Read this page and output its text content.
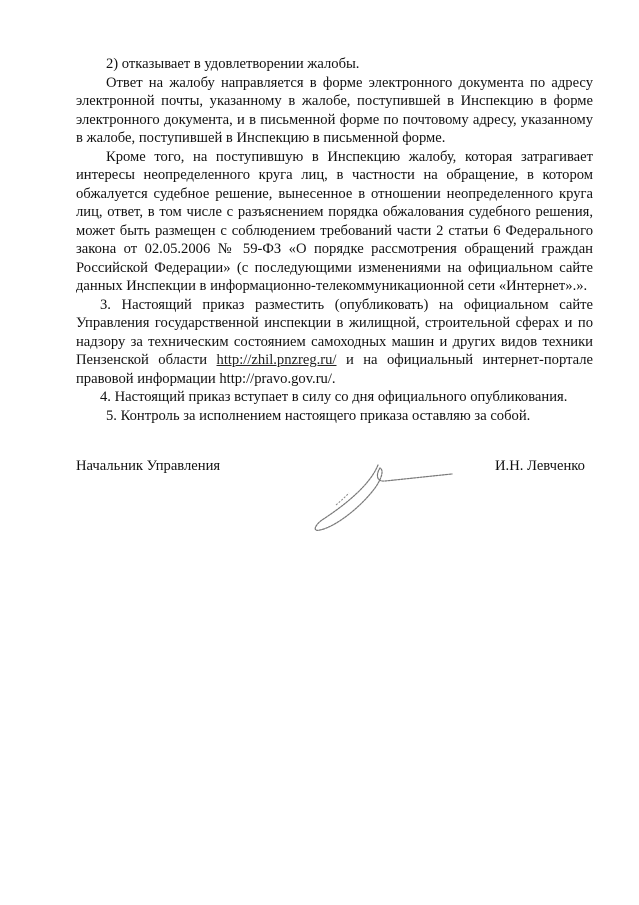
2) отказывает в удовлетворении жалобы.

Ответ на жалобу направляется в форме электронного документа по адресу электронной почты, указанному в жалобе, поступившей в Инспекцию в форме электронного документа, и в письменной форме по почтовому адресу, указанному в жалобе, поступившей в Инспекцию в письменной форме.

Кроме того, на поступившую в Инспекцию жалобу, которая затрагивает интересы неопределенного круга лиц, в частности на обращение, в котором обжалуется судебное решение, вынесенное в отношении неопределенного круга лиц, ответ, в том числе с разъяснением порядка обжалования судебного решения, может быть размещен с соблюдением требований части 2 статьи 6 Федерального закона от 02.05.2006 № 59-ФЗ «О порядке рассмотрения обращений граждан Российской Федерации» (с последующими изменениями на официальном сайте данных Инспекции в информационно-телекоммуникационной сети «Интернет».».

3. Настоящий приказ разместить (опубликовать) на официальном сайте Управления государственной инспекции в жилищной, строительной сферах и по надзору за техническим состоянием самоходных машин и других видов техники Пензенской области http://zhil.pnzreg.ru/ и на официальный интернет-портале правовой информации http://pravo.gov.ru/.

4. Настоящий приказ вступает в силу со дня официального опубликования.

5. Контроль за исполнением настоящего приказа оставляю за собой.

Начальник Управления	И.Н. Левченко
